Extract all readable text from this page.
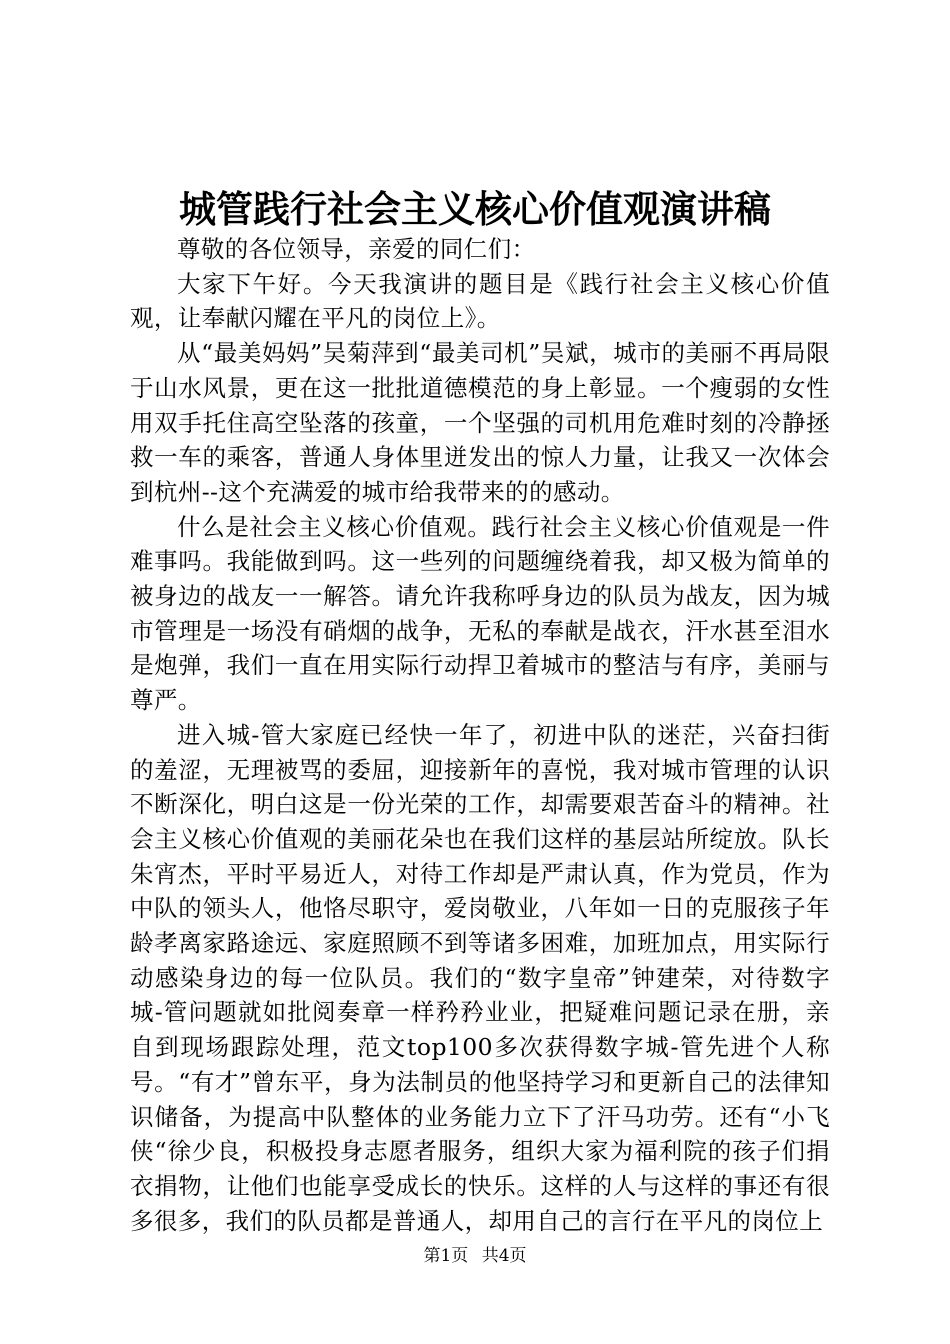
城管践行社会主义核心价值观演讲稿

尊敬的各位领导，亲爱的同仁们：

大家下午好。今天我演讲的题目是《践行社会主义核心价值观，让奉献闪耀在平凡的岗位上》。

从“最美妈妈”吴菊萍到“最美司机”吴斌，城市的美丽不再局限于山水风景，更在这一批批道德模范的身上彰显。一个瘦弱的女性用双手托住高空坠落的孩童，一个坚强的司机用危难时刻的冷静拯救一车的乘客，普通人身体里迸发出的惊人力量，让我又一次体会到杭州--这个充满爱的城市给我带来的的感动。

什么是社会主义核心价值观。践行社会主义核心价值观是一件难事吗。我能做到吗。这一些列的问题缠绕着我，却又极为简单的被身边的战友一一解答。请允许我称呼身边的队员为战友，因为城市管理是一场没有硝烟的战争，无私的奉献是战衣，汗水甚至泪水是炮弹，我们一直在用实际行动捍卫着城市的整洁与有序，美丽与尊严。

进入城-管大家庭已经快一年了，初进中队的迷茫，兴奋扫街的羞涩，无理被骂的委屈，迎接新年的喜悦，我对城市管理的认识不断深化，明白这是一份光荣的工作，却需要艰苦奋斗的精神。社会主义核心价值观的美丽花朵也在我们这样的基层站所绽放。队长朱宵杰，平时平易近人，对待工作却是严肃认真，作为党员，作为中队的领头人，他恪尽职守，爱岗敬业，八年如一日的克服孩子年龄孝离家路途远、家庭照顾不到等诸多困难，加班加点，用实际行动感染身边的每一位队员。我们的“数字皇帝”钟建荣，对待数字城-管问题就如批阅奏章一样矜矜业业，把疑难问题记录在册，亲自到现场跟踪处理，范文top100多次获得数字城-管先进个人称号。“有才”曾东平，身为法制员的他坚持学习和更新自己的法律知识储备，为提高中队整体的业务能力立下了汗马功劳。还有“小飞侠“徐少良，积极投身志愿者服务，组织大家为福利院的孩子们捐衣捐物，让他们也能享受成长的快乐。这样的人与这样的事还有很多很多，我们的队员都是普通人，却用自己的言行在平凡的岗位上

第1页 共4页
